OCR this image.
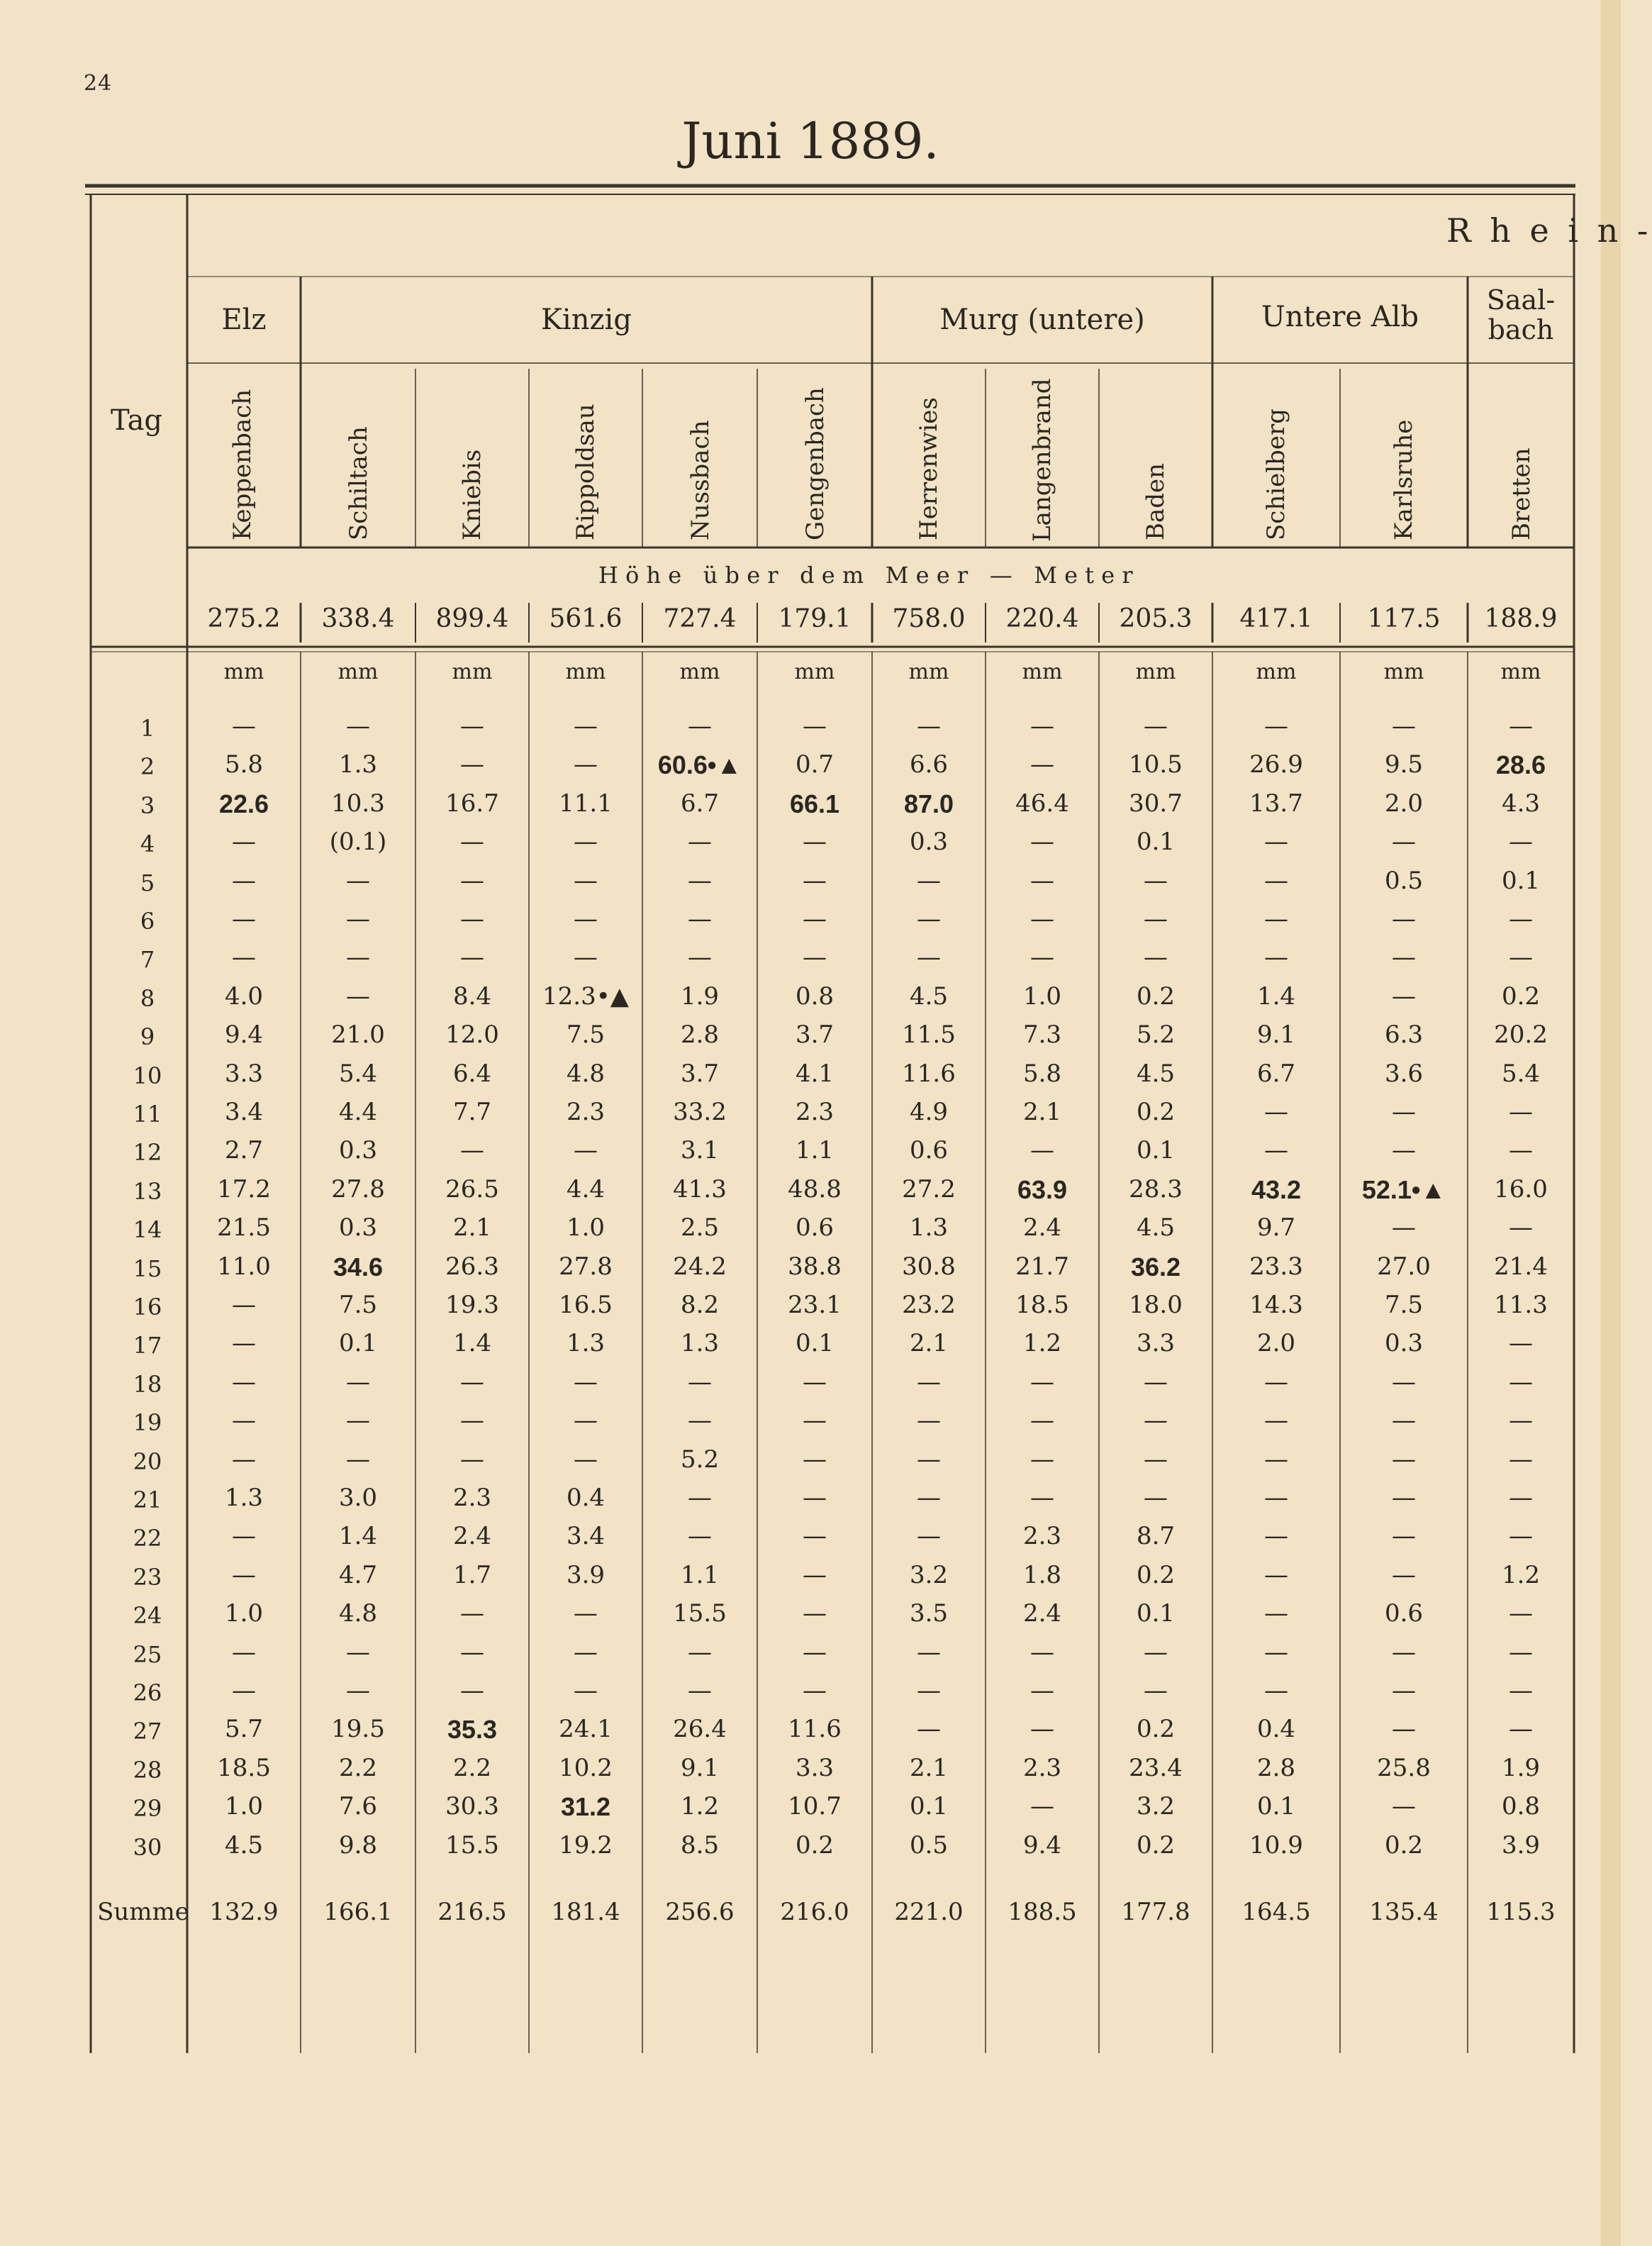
24
Juni 1889.
R h e i n -
Tag
Elz	Kinzig	Murg (untere)	Untere Alb
Saal-
bach
Keppenbach	Schiltach	Kniebis	Rippoldsau	Nussbach	Gengenbach	Herrenwies	Langenbrand	Baden	Schielberg	Karlsruhe	Bretten
H ö h e   ü b e r   d e m   M e e r   —   M e t e r
275.2 338.4 899.4 561.6 727.4 179.1 758.0 220.4 205.3 417.1 117.5 188.9
mm	mm	mm	mm	mm	mm	mm	mm	mm	mm	mm	mm
1	—	—	—	—	—	—	—	—	—	—	—	—
2	5.8	1.3	—	— 60.6•▲ 0.7	6.6	—	10.5	26.9	9.5	28.6
3	22.6	10.3	16.7 11.1	6.7	66.1	87.0	46.4 30.7	13.7	2.0	4.3
4	—	(0.1)	—	—	—	—	0.3	—	0.1	—	—	—
5	—	—	—	—	—	—	—	—	—	—	0.5	0.1
6	—	—	—	—	—	—	—	—	—	—	—	—
7	—	—	—	—	—	—	—	—	—	—	—	—
8	4.0	—	8.4 12.3•▲ 1.9	0.8	4.5	1.0	0.2	1.4	—	0.2
9	9.4	21.0	12.0	7.5	2.8	3.7	11.5	7.3	5.2	9.1	6.3	20.2
10	3.3	5.4	6.4	4.8	3.7	4.1	11.6	5.8	4.5	6.7	3.6	5.4
11	3.4	4.4	7.7	2.3	33.2	2.3	4.9	2.1	0.2	—	—	—
12	2.7	0.3	—	—	3.1	1.1	0.6	—	0.1	—	—	—
13 17.2	27.8	26.5	4.4	41.3	48.8	27.2 63.9	28.3	43.2 52.1•▲ 16.0
14 21.5	0.3	2.1	1.0	2.5	0.6	1.3	2.4	4.5	9.7	—	—
15 11.0 34.6	26.3 27.8	24.2	38.8	30.8 21.7 36.2	23.3	27.0	21.4
16	—	7.5	19.3 16.5	8.2	23.1	23.2 18.5 18.0	14.3	7.5	11.3
17	—	0.1	1.4	1.3	1.3	0.1	2.1	1.2	3.3	2.0	0.3	—
18	—	—	—	—	—	—	—	—	—	—	—	—
19	—	—	—	—	—	—	—	—	—	—	—	—
20	—	—	—	—	5.2	—	—	—	—	—	—	—
21	1.3	3.0	2.3	0.4	—	—	—	—	—	—	—	—
22	—	1.4	2.4	3.4	—	—	—	2.3	8.7	—	—	—
23	—	4.7	1.7	3.9	1.1	—	3.2	1.8	0.2	—	—	1.2
24	1.0	4.8	—	—	15.5	—	3.5	2.4	0.1	—	0.6	—
25	—	—	—	—	—	—	—	—	—	—	—	—
26	—	—	—	—	—	—	—	—	—	—	—	—
27	5.7	19.5 35.3	24.1	26.4	11.6	—	—	0.2	0.4	—	—
28 18.5	2.2	2.2	10.2	9.1	3.3	2.1	2.3	23.4	2.8	25.8	1.9
29	1.0	7.6	30.3 31.2	1.2	10.7	0.1	—	3.2	0.1	—	0.8
30	4.5	9.8	15.5 19.2	8.5	0.2	0.5	9.4	0.2	10.9	0.2	3.9
Summe 132.9 166.1 216.5 181.4 256.6 216.0 221.0 188.5 177.8 164.5 135.4 115.3
